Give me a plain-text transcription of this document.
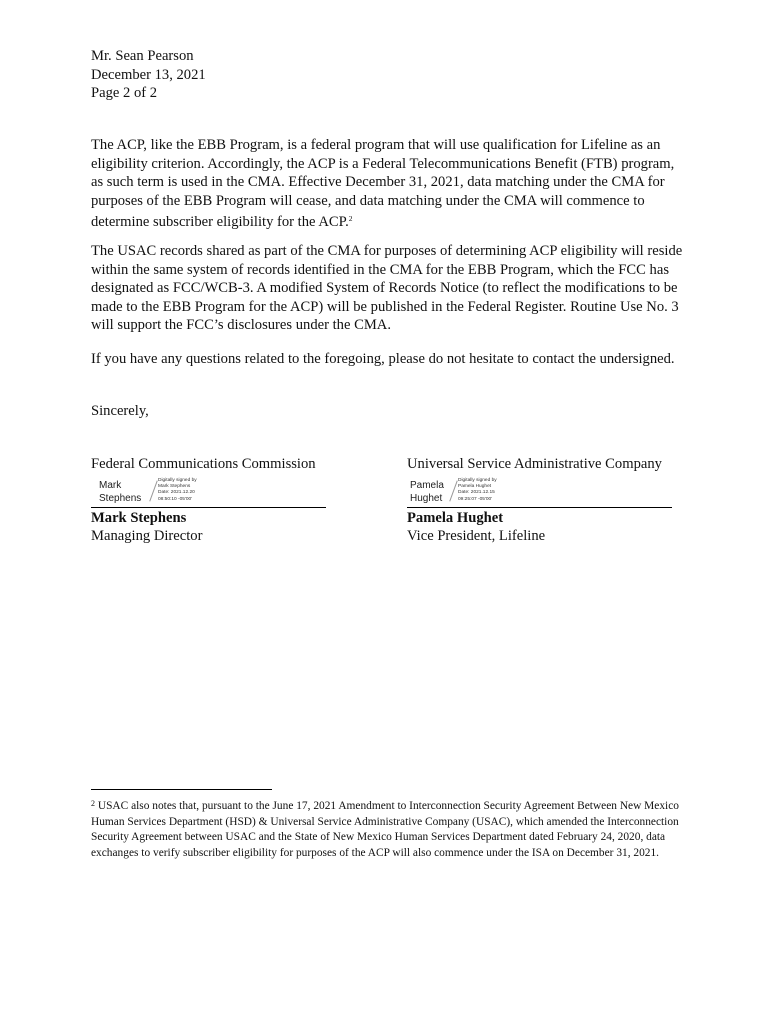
Mr. Sean Pearson
December 13, 2021
Page 2 of 2

The ACP, like the EBB Program, is a federal program that will use qualification for Lifeline as an eligibility criterion. Accordingly, the ACP is a Federal Telecommunications Benefit (FTB) program, as such term is used in the CMA. Effective December 31, 2021, data matching under the CMA for purposes of the EBB Program will cease, and data matching under the CMA will commence to determine subscriber eligibility for the ACP.$^2$

The USAC records shared as part of the CMA for purposes of determining ACP eligibility will reside within the same system of records identified in the CMA for the EBB Program, which the FCC has designated as FCC/WCB-3. A modified System of Records Notice (to reflect the modifications to be made to the EBB Program for the ACP) will be published in the Federal Register. Routine Use No. 3 will support the FCC’s disclosures under the CMA.

If you have any questions related to the foregoing, please do not hesitate to contact the undersigned.

Sincerely,
Federal Communications Commission
Mark
Stephens
Digitally signed by
Mark Stephens
Date: 2021.12.20
08:50:10 -05'00'
Mark Stephens
Managing Director
Universal Service Administrative Company
Pamela
Hughet
Digitally signed by
Pamela Hughet
Date: 2021.12.15
09:25:07 -05'00'
Pamela Hughet
Vice President, Lifeline
$^2$ USAC also notes that, pursuant to the June 17, 2021 Amendment to Interconnection Security Agreement Between New Mexico Human Services Department (HSD) & Universal Service Administrative Company (USAC), which amended the Interconnection Security Agreement between USAC and the State of New Mexico Human Services Department dated February 24, 2020, data exchanges to verify subscriber eligibility for purposes of the ACP will also commence under the ISA on December 31, 2021.
